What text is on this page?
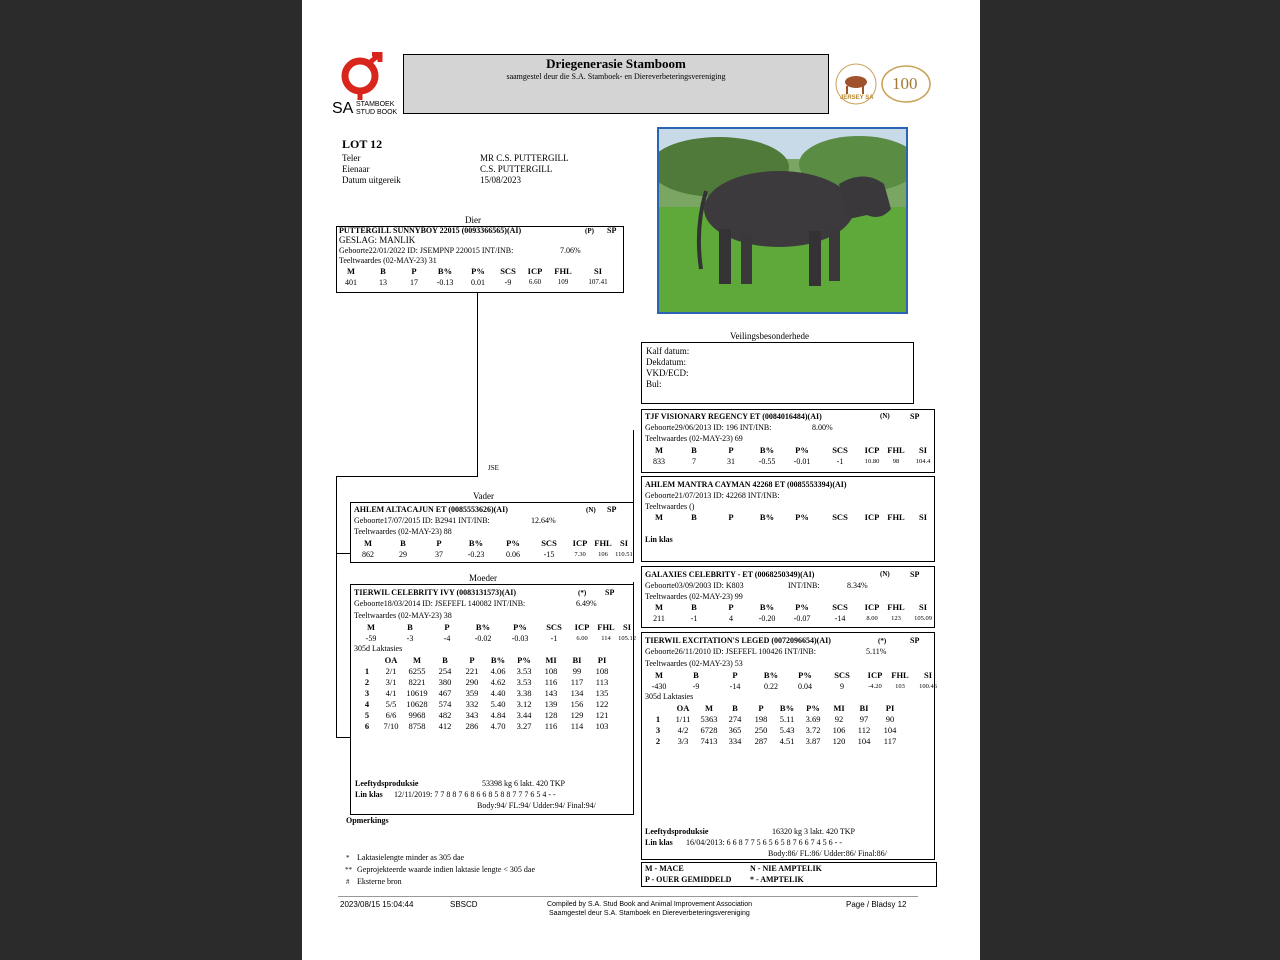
SA STAMBOEK
STUD BOOK
Driegenerasie Stamboom
saamgestel deur die S.A. Stamboek- en Diereverbeteringsvereniging
JERSEY SA
100
LOT 12
Teler	MR C.S. PUTTERGILL
Eienaar	C.S. PUTTERGILL
Datum uitgereik	15/08/2023
Dier
PUTTERGILL SUNNYBOY 22015 (0093366565)(AI)	(P) SP
GESLAG: MANLIK
Geboorte22/01/2022 ID: JSEMPNP 220015 INT/INB:	7.06%
Teeltwaardes (02-MAY-23) 31
M	B	P	B%	P%	SCS	ICP	FHL	SI
401	13	17	-0.13	0.01	-9	6.60	109	107.41
JSE
Veilingsbesonderhede
Kalf datum:
Dekdatum:
VKD/ECD:
Bul:
TJF VISIONARY REGENCY ET (0084016484)(AI)	(N)	SP
Geboorte29/06/2013 ID: 196 INT/INB:	8.00%
Teeltwaardes (02-MAY-23) 69
M	B	P	B%	P%	SCS	ICP FHL	SI
833	7	31	-0.55	-0.01	-1	10.80	98	104.4
AHLEM MANTRA CAYMAN 42268 ET (0085553394)(AI)
Geboorte21/07/2013 ID: 42268 INT/INB:
Teeltwaardes ()
M	B	P	B%	P%	SCS	ICP FHL	SI
Lin klas
Vader
AHLEM ALTACAJUN ET (0085553626)(AI)	(N) SP
Geboorte17/07/2015 ID: B2941 INT/INB:	12.64%
Teeltwaardes (02-MAY-23) 88
M	B	P	B%	P%	SCS	ICP FHL SI
862	29	37	-0.23	0.06	-15	7.30	106	110.51
GALAXIES CELEBRITY - ET (0068250349)(AI)	(N)	SP
Geboorte03/09/2003 ID: K803	INT/INB:	8.34%
Teeltwaardes (02-MAY-23) 99
M	B	P	B%	P%	SCS	ICP FHL	SI
211	-1	4	-0.20	-0.07	-14	8.00	123	105.09
Moeder
TIERWIL CELEBRITY IVY (0083131573)(AI)	(*) SP
Geboorte18/03/2014 ID: JSEFEFL 140082 INT/INB:	6.49%
Teeltwaardes (02-MAY-23) 38
M	B	P	B%	P%	SCS	ICP FHL SI
-59	-3	-4	-0.02	-0.03	-1	6.00	114	105.12
305d Laktasies
OA	M	B	P	B%	P%	MI	BI	PI
1	2/1	6255	254	221	4.06	3.53	108	99	108
2	3/1	8221	380	290	4.62	3.53	116	117	113
3	4/1	10619	467	359	4.40	3.38	143	134	135
4	5/5	10628	574	332	5.40	3.12	139	156	122
5	6/6	9968	482	343	4.84	3.44	128	129	121
6	7/10	8758	412	286	4.70	3.27	116	114	103
Leeftydsproduksie	53398 kg 6 lakt. 420 TKP
Lin klas 12/11/2019: 7 7 8 8 7 6 8 6 6 8 5 8 8 7 7 7 6 5 4 - -
Body:94/ FL:94/ Udder:94/ Final:94/
TIERWIL EXCITATION'S LEGED (0072096654)(AI)	(*)	SP
Geboorte26/11/2010 ID: JSEFEFL 100426 INT/INB:	5.11%
Teeltwaardes (02-MAY-23) 53
M	B	P	B%	P%	SCS	ICP	FHL	SI
-430	-9	-14	0.22	0.04	9	-4.20	103	100.46
305d Laktasies
OA	M	B	P	B%	P%	MI	BI	PI
1	1/11	5363	274	198	5.11	3.69	92	97	90
3	4/2	6728	365	250	5.43	3.72	106	112	104
2	3/3	7413	334	287	4.51	3.87	120	104	117
Leeftydsproduksie	16320 kg 3 lakt. 420 TKP
Lin klas 16/04/2013: 6 6 8 7 7 5 6 5 6 5 8 7 6 6 7 4 5 6 - -
Body:86/ FL:86/ Udder:86/ Final:86/
Opmerkings
* Laktasielengte minder as 305 dae
** Geprojekteerde waarde indien laktasie lengte < 305 dae
# Eksterne bron
M - MACE	N - NIE AMPTELIK
P - OUER GEMIDDELD * - AMPTELIK
2023/08/15 15:04:44	SBSCD	Compiled by S.A. Stud Book and Animal Improvement Association
Saamgestel deur S.A. Stamboek en Diereverbeteringsvereniging
Page / Bladsy 12
